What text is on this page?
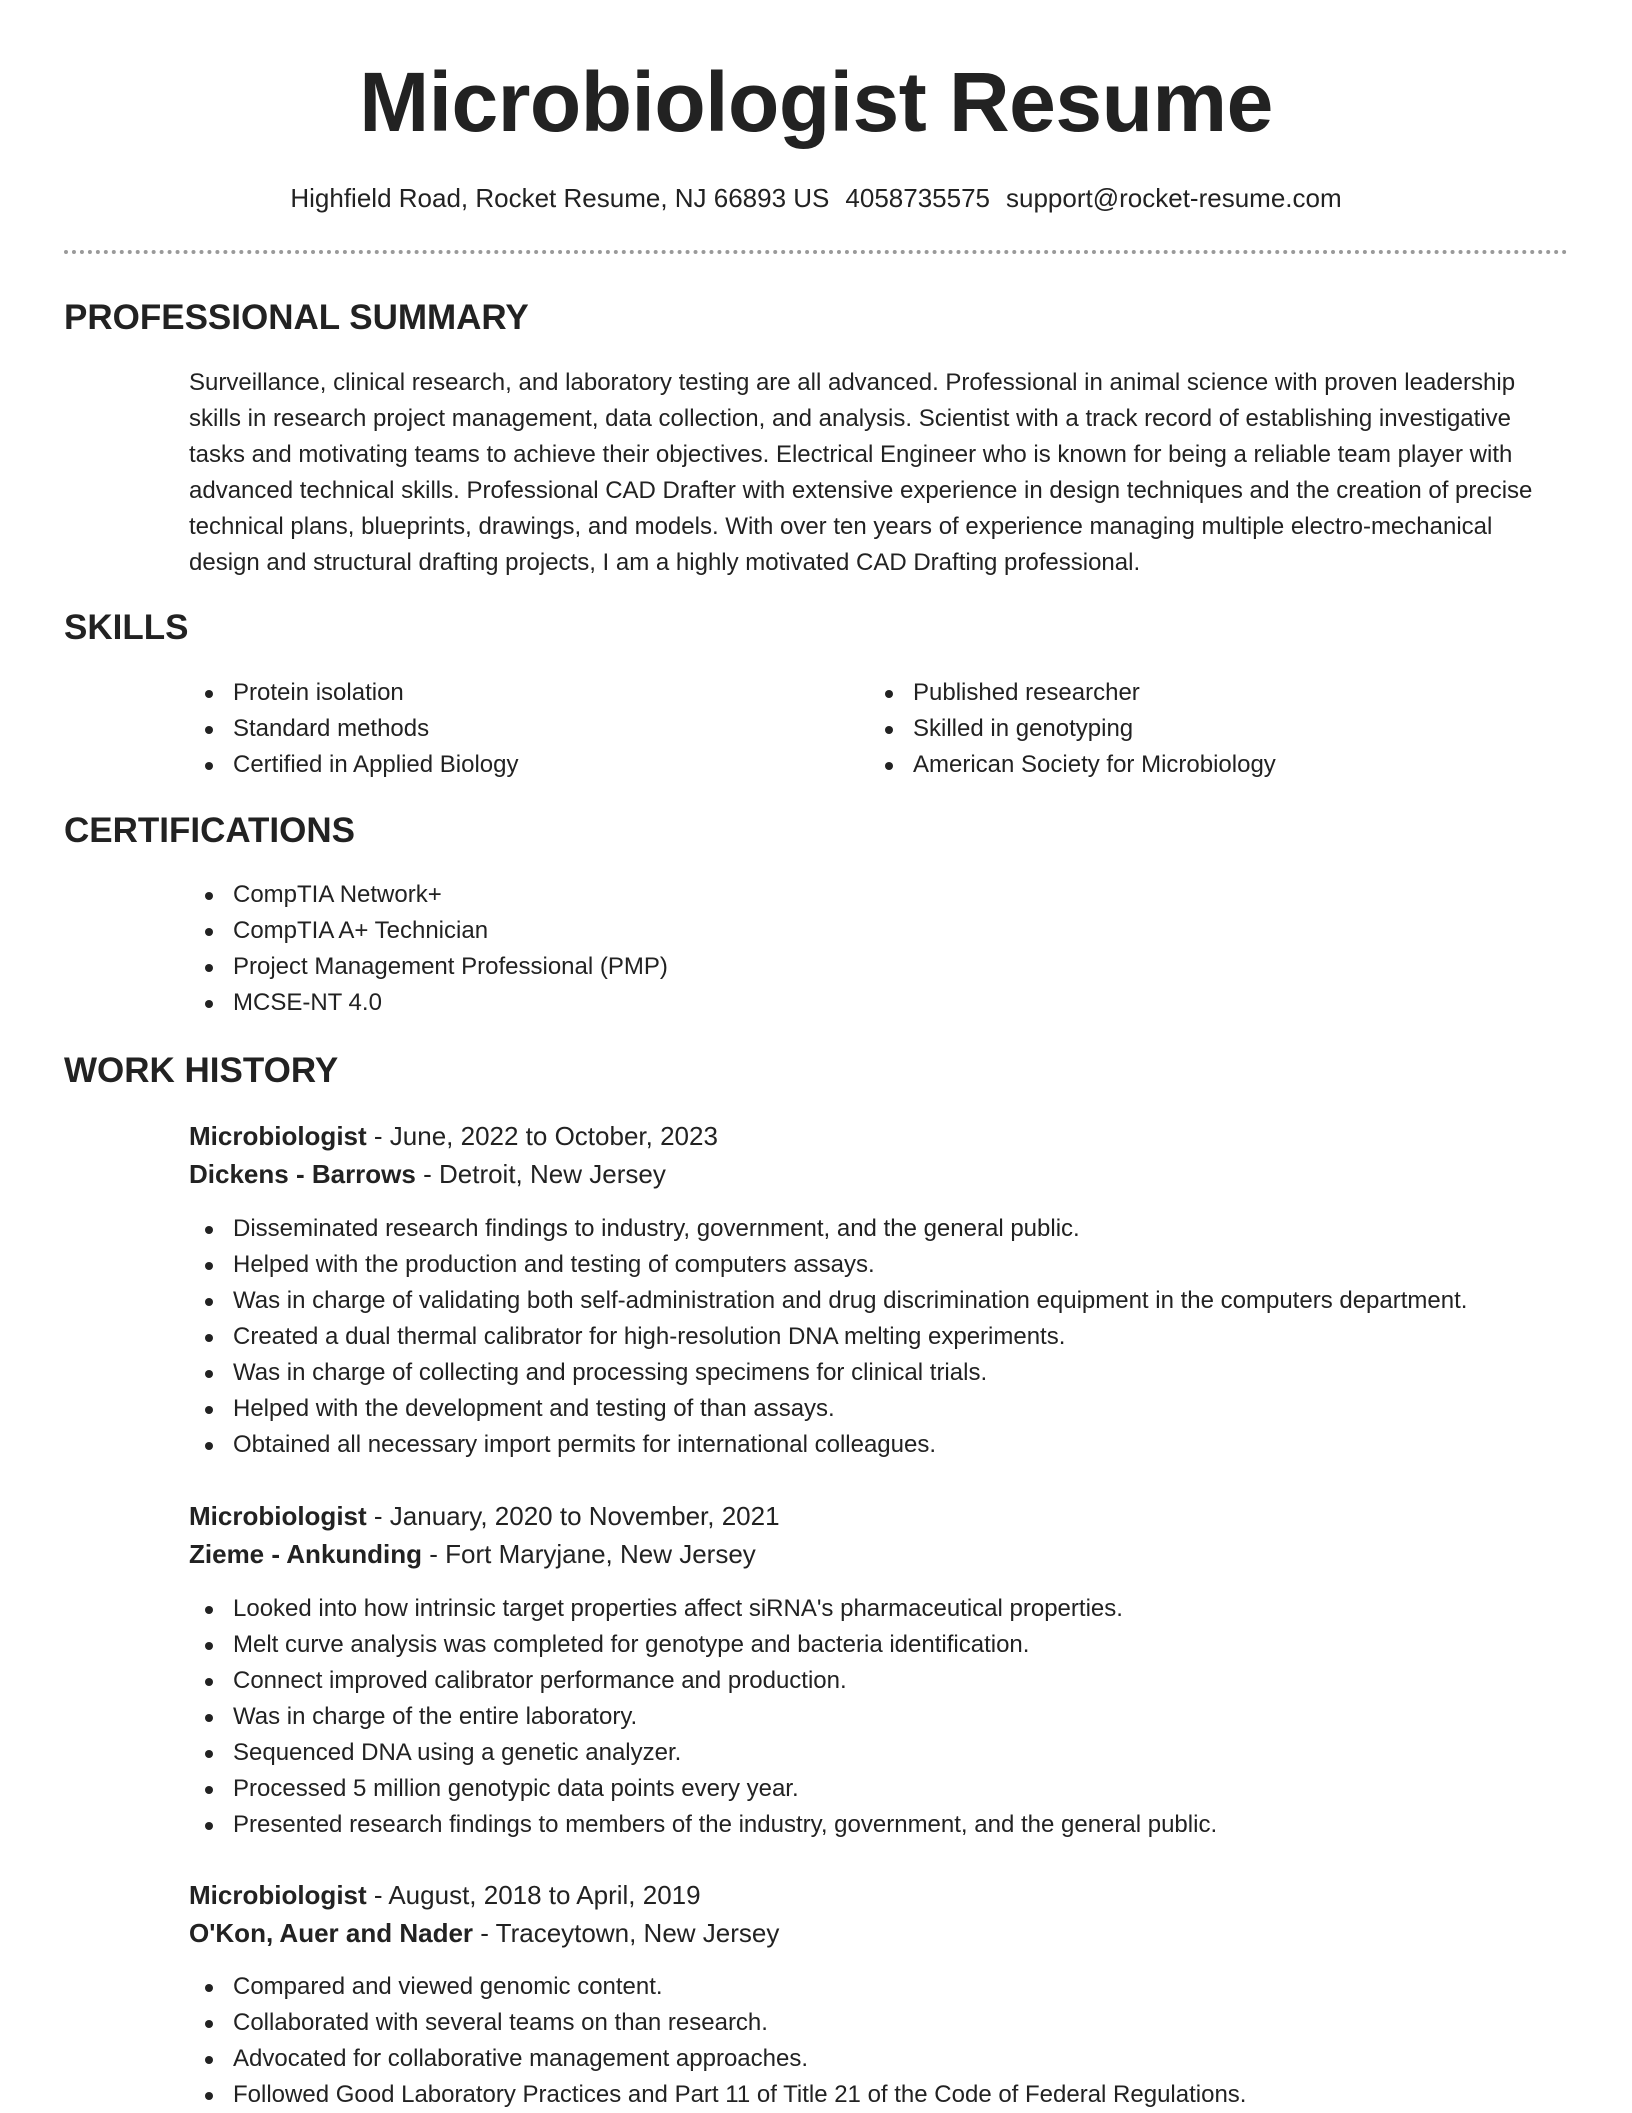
Microbiologist Resume
Highfield Road, Rocket Resume, NJ 66893 US 4058735575 support@rocket-resume.com
PROFESSIONAL SUMMARY

Surveillance, clinical research, and laboratory testing are all advanced. Professional in animal science with proven leadership skills in research project management, data collection, and analysis. Scientist with a track record of establishing investigative tasks and motivating teams to achieve their objectives. Electrical Engineer who is known for being a reliable team player with advanced technical skills. Professional CAD Drafter with extensive experience in design techniques and the creation of precise technical plans, blueprints, drawings, and models. With over ten years of experience managing multiple electro-mechanical design and structural drafting projects, I am a highly motivated CAD Drafting professional.

SKILLS
Protein isolation
Standard methods
Certified in Applied Biology
Published researcher
Skilled in genotyping
American Society for Microbiology
CERTIFICATIONS
CompTIA Network+
CompTIA A+ Technician
Project Management Professional (PMP)
MCSE-NT 4.0
WORK HISTORY
Microbiologist - June, 2022 to October, 2023
Dickens - Barrows - Detroit, New Jersey
Disseminated research findings to industry, government, and the general public.
Helped with the production and testing of computers assays.
Was in charge of validating both self-administration and drug discrimination equipment in the computers department.
Created a dual thermal calibrator for high-resolution DNA melting experiments.
Was in charge of collecting and processing specimens for clinical trials.
Helped with the development and testing of than assays.
Obtained all necessary import permits for international colleagues.
Microbiologist - January, 2020 to November, 2021
Zieme - Ankunding - Fort Maryjane, New Jersey
Looked into how intrinsic target properties affect siRNA's pharmaceutical properties.
Melt curve analysis was completed for genotype and bacteria identification.
Connect improved calibrator performance and production.
Was in charge of the entire laboratory.
Sequenced DNA using a genetic analyzer.
Processed 5 million genotypic data points every year.
Presented research findings to members of the industry, government, and the general public.
Microbiologist - August, 2018 to April, 2019
O'Kon, Auer and Nader - Traceytown, New Jersey
Compared and viewed genomic content.
Collaborated with several teams on than research.
Advocated for collaborative management approaches.
Followed Good Laboratory Practices and Part 11 of Title 21 of the Code of Federal Regulations.
